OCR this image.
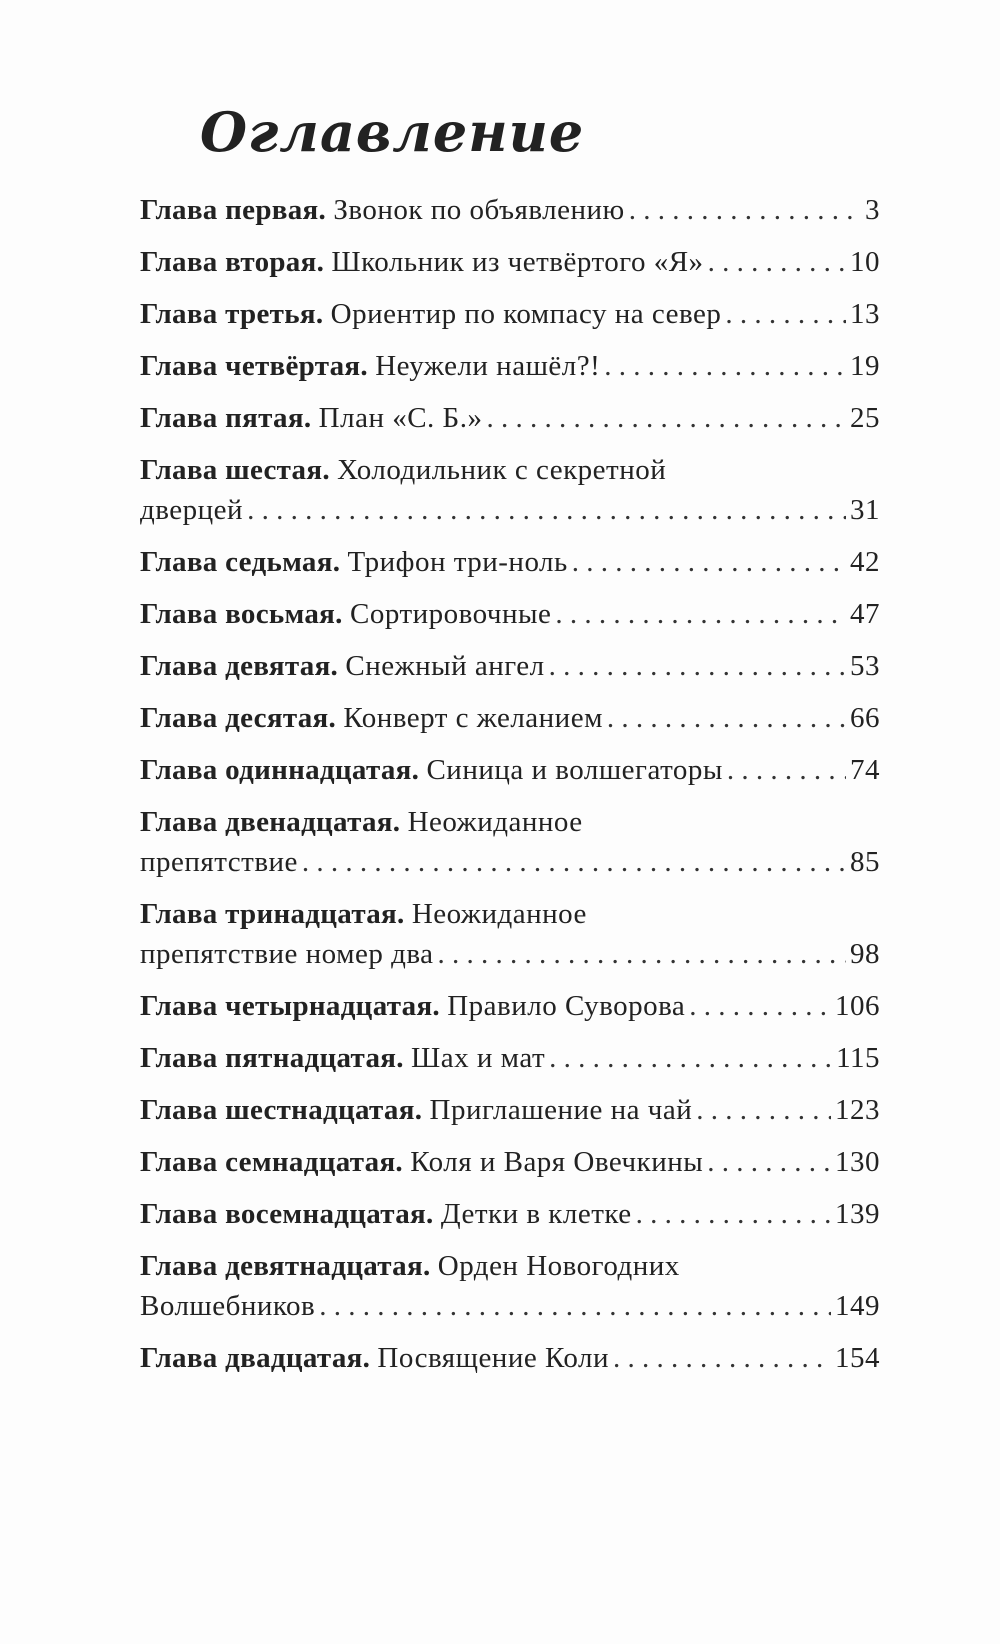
Оглавление
Глава первая.
Звонок по объявлению . . .	3
Глава вторая.
Школьник из четвёртого «Я» . . .	10
Глава третья.
Ориентир по компасу на север . . .	13
Глава четвёртая.
Неужели нашёл?! . . .	19
Глава пятая.
План «С. Б.» . . .	25
Глава шестая.
Холодильник с секретной
дверцей . . .	31
Глава седьмая.
Трифон три-ноль . . .	42
Глава восьмая.
Сортировочные . . .	47
Глава девятая.
Снежный ангел . . .	53
Глава десятая.
Конверт с желанием . . .	66
Глава одиннадцатая.
Синица и волшегаторы . . .	74
Глава двенадцатая.
Неожиданное
препятствие . . .	85
Глава тринадцатая.
Неожиданное
препятствие номер два . . .	98
Глава четырнадцатая.
Правило Суворова . . .	106
Глава пятнадцатая.
Шах и мат . . .	115
Глава шестнадцатая.
Приглашение на чай . . .	123
Глава семнадцатая.
Коля и Варя Овечкины . . .	130
Глава восемнадцатая.
Детки в клетке . . .	139
Глава девятнадцатая.
Орден Новогодних
Волшебников . . .	149
Глава двадцатая.
Посвящение Коли . . .	154
